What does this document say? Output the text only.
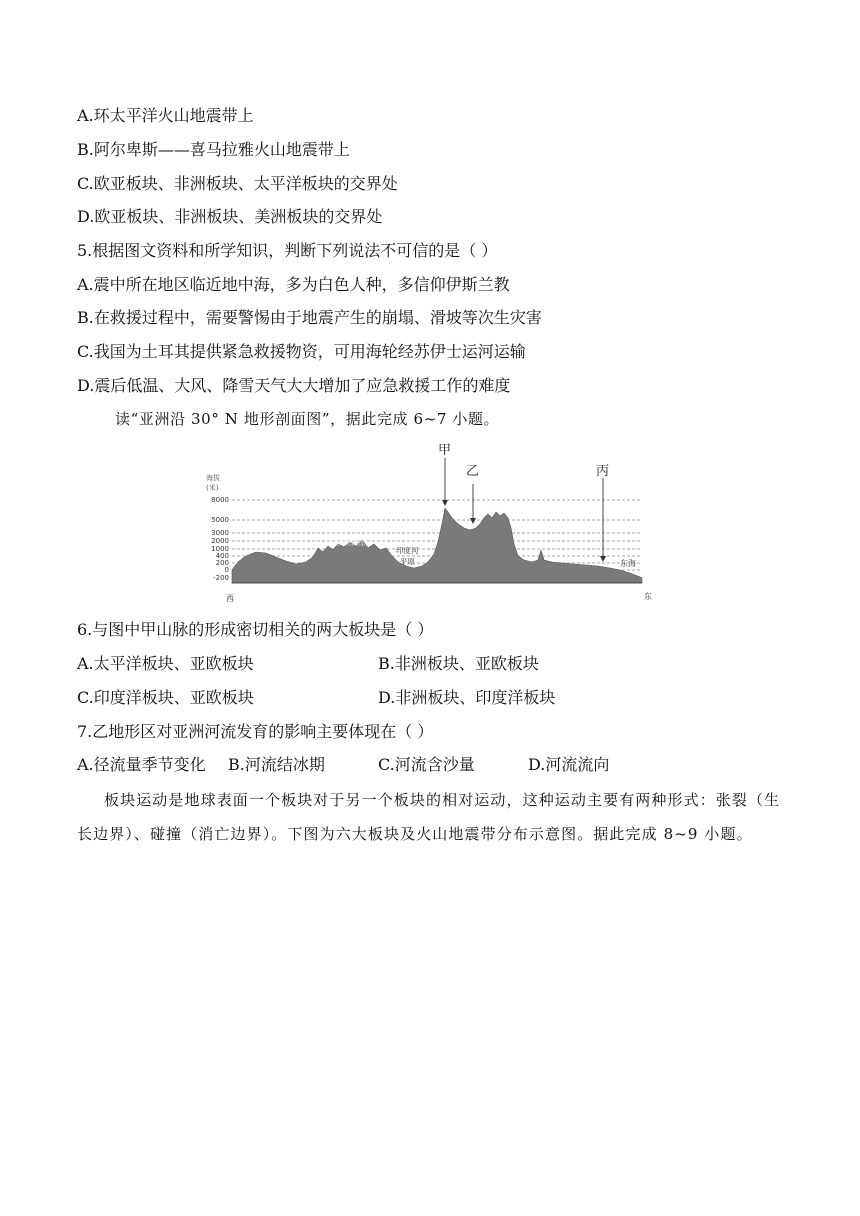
A.环太平洋火山地震带上
B.阿尔卑斯——喜马拉雅火山地震带上
C.欧亚板块、非洲板块、太平洋板块的交界处
D.欧亚板块、非洲板块、美洲板块的交界处
5.根据图文资料和所学知识，判断下列说法不可信的是（ ）
A.震中所在地区临近地中海，多为白色人种，多信仰伊斯兰教
B.在救援过程中，需要警惕由于地震产生的崩塌、滑坡等次生灾害
C.我国为土耳其提供紧急救援物资，可用海轮经苏伊士运河运输
D.震后低温、大风、降雪天气大大增加了应急救援工作的难度
读“亚洲沿 30° N 地形剖面图”，据此完成 6~7 小题。
海拔
(米)
8000
5000
3000
2000
1000
400
200
0
-200
甲
乙	丙
伊朗高原
印度河
平原	东海
西	东
6.与图中甲山脉的形成密切相关的两大板块是（ ）
A.太平洋板块、亚欧板块	B.非洲板块、亚欧板块
C.印度洋板块、亚欧板块	D.非洲板块、印度洋板块
7.乙地形区对亚洲河流发育的影响主要体现在（ ）
A.径流量季节变化 B.河流结冰期	C.河流含沙量	D.河流流向
板块运动是地球表面一个板块对于另一个板块的相对运动，这种运动主要有两种形式：张裂（生长边界）、碰撞（消亡边界）。下图为六大板块及火山地震带分布示意图。据此完成 8~9 小题。
